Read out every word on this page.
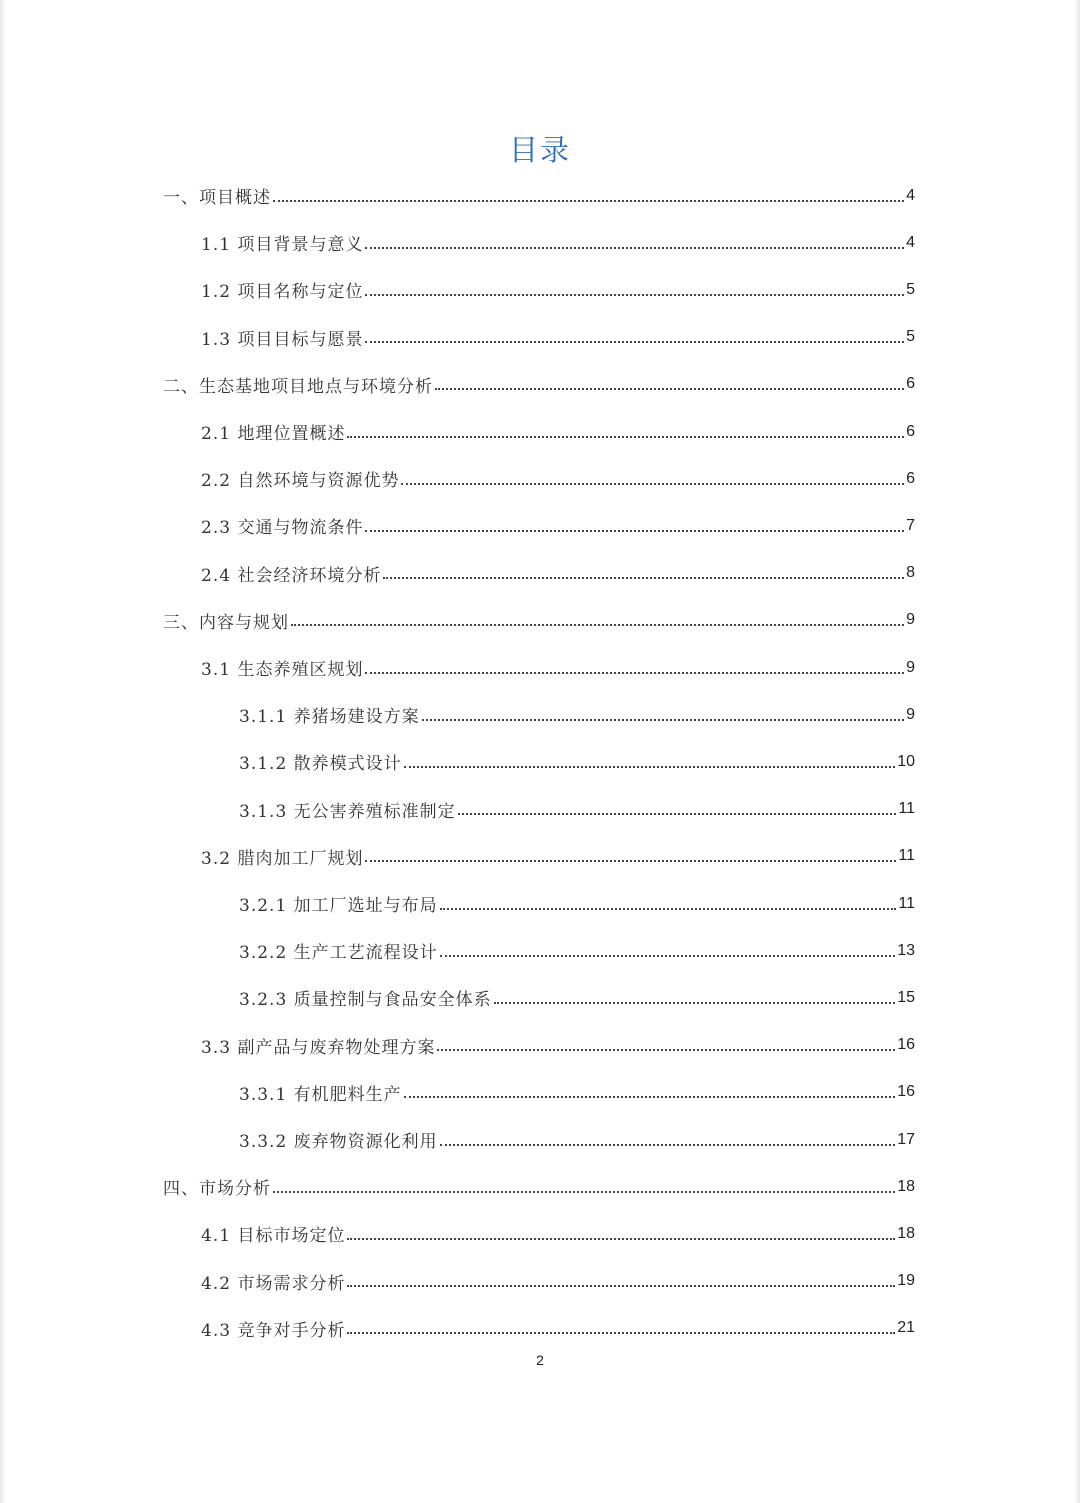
目录
一、项目概述	4
1.1 项目背景与意义	4
1.2 项目名称与定位	5
1.3 项目目标与愿景	5
二、生态基地项目地点与环境分析	6
2.1 地理位置概述	6
2.2 自然环境与资源优势	6
2.3 交通与物流条件	7
2.4 社会经济环境分析	8
三、内容与规划	9
3.1 生态养殖区规划	9
3.1.1 养猪场建设方案	9
3.1.2 散养模式设计	10
3.1.3 无公害养殖标准制定	11
3.2 腊肉加工厂规划	11
3.2.1 加工厂选址与布局	11
3.2.2 生产工艺流程设计	13
3.2.3 质量控制与食品安全体系	15
3.3 副产品与废弃物处理方案	16
3.3.1 有机肥料生产	16
3.3.2 废弃物资源化利用	17
四、市场分析	18
4.1 目标市场定位	18
4.2 市场需求分析	19
4.3 竞争对手分析	21
2
